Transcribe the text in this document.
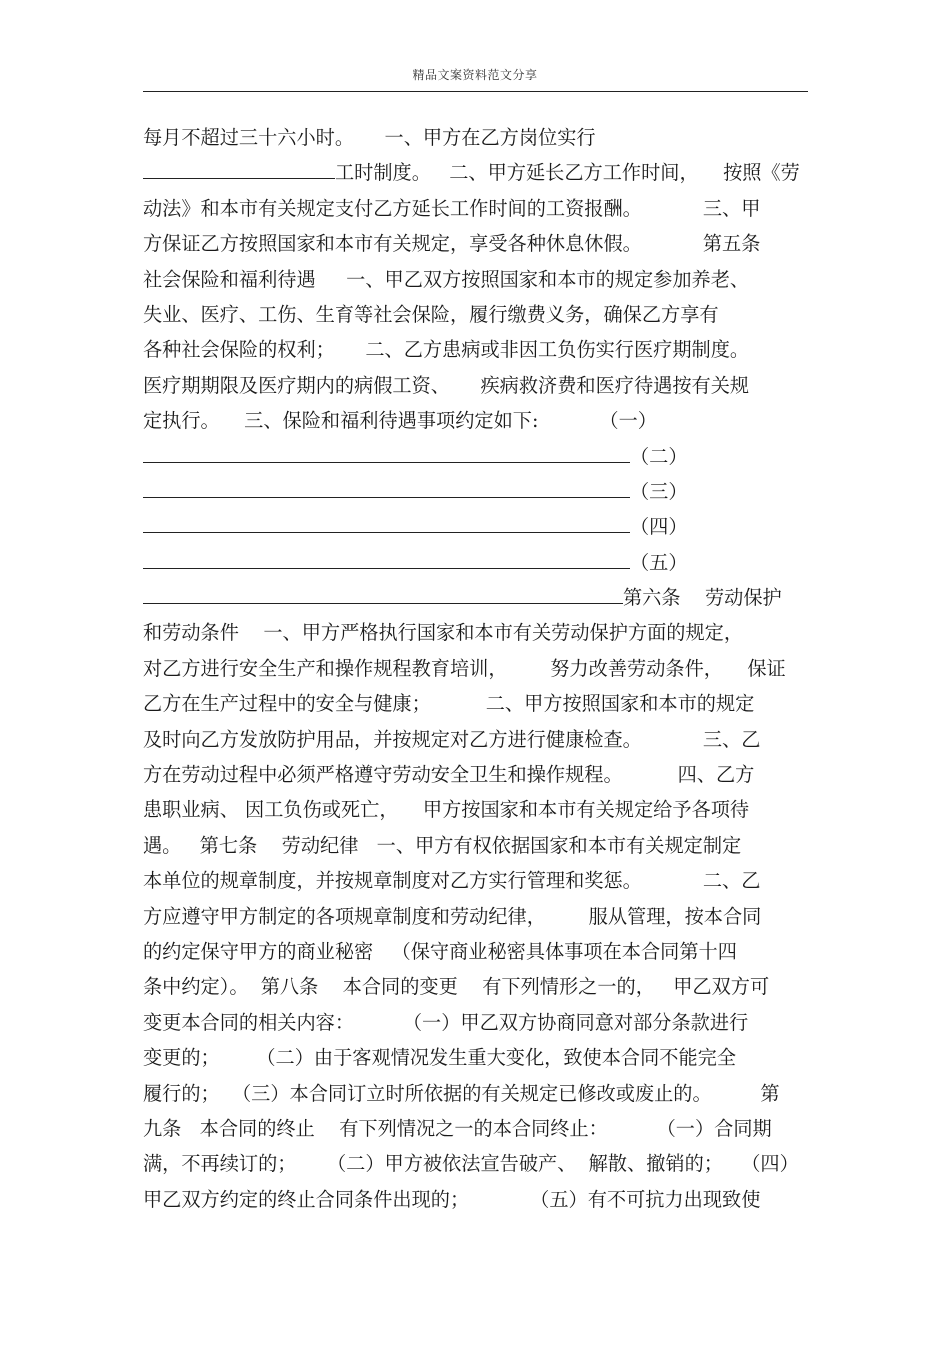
精品文案资料范文分享
每月不超过三十六小时。     一、甲方在乙方岗位实行
工时制度。   二、甲方延长乙方工作时间，    按照《劳
动法》和本市有关规定支付乙方延长工作时间的工资报酬。          三、甲
方保证乙方按照国家和本市有关规定，享受各种休息休假。          第五条
社会保险和福利待遇     一、甲乙双方按照国家和本市的规定参加养老、
失业、医疗、工伤、生育等社会保险，履行缴费义务，确保乙方享有
各种社会保险的权利；     二、乙方患病或非因工负伤实行医疗期制度。
医疗期期限及医疗期内的病假工资、     疾病救济费和医疗待遇按有关规
定执行。    三、保险和福利待遇事项约定如下:          （一）
（二）
（三）
（四）
（五）
第六条    劳动保护
和劳动条件    一、甲方严格执行国家和本市有关劳动保护方面的规定，
对乙方进行安全生产和操作规程教育培训，       努力改善劳动条件，    保证
乙方在生产过程中的安全与健康；         二、甲方按照国家和本市的规定
及时向乙方发放防护用品，并按规定对乙方进行健康检查。          三、乙
方在劳动过程中必须严格遵守劳动安全卫生和操作规程。         四、乙方
患职业病、 因工负伤或死亡，    甲方按国家和本市有关规定给予各项待
遇。   第七条    劳动纪律   一、甲方有权依据国家和本市有关规定制定
本单位的规章制度，并按规章制度对乙方实行管理和奖惩。          二、乙
方应遵守甲方制定的各项规章制度和劳动纪律，       服从管理，按本合同
的约定保守甲方的商业秘密   （保守商业秘密具体事项在本合同第十四
条中约定）。  第八条    本合同的变更    有下列情形之一的，   甲乙双方可
变更本合同的相关内容：        （一）甲乙双方协商同意对部分条款进行
变更的；      （二）由于客观情况发生重大变化，致使本合同不能完全
履行的；  （三）本合同订立时所依据的有关规定已修改或废止的。        第
九条   本合同的终止    有下列情况之一的本合同终止：        （一）合同期
满，不再续订的；     （二）甲方被依法宣告破产、  解散、撤销的；   （四）
甲乙双方约定的终止合同条件出现的；          （五）有不可抗力出现致使
